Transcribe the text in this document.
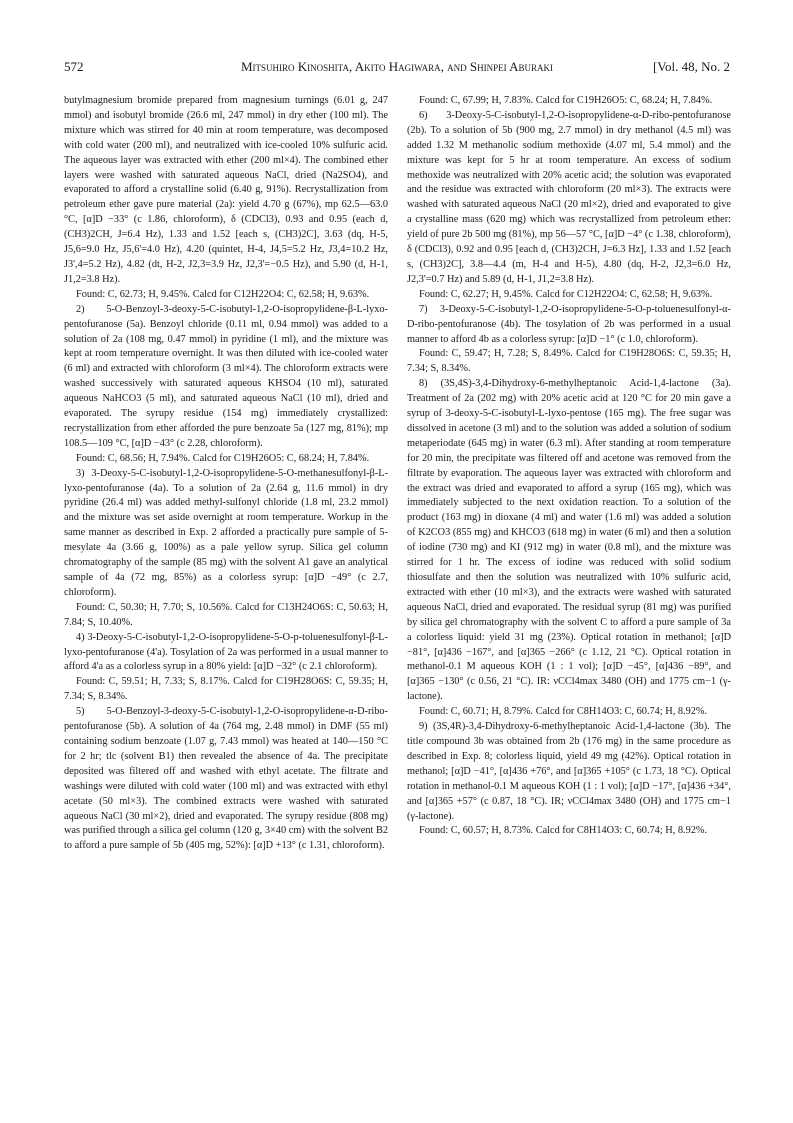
572	Mitsuhiro Kinoshita, Akito Hagiwara, and Shinpei Aburaki	[Vol. 48, No. 2

butylmagnesium bromide prepared from magnesium turnings (6.01 g, 247 mmol) and isobutyl bromide (26.6 ml, 247 mmol) in dry ether (100 ml). The mixture which was stirred for 40 min at room temperature, was decomposed with cold water (200 ml), and neutralized with ice-cooled 10% sulfuric acid. The aqueous layer was extracted with ether (200 ml×4). The combined ether layers were washed with saturated aqueous NaCl, dried (Na2SO4), and evaporated to afford a crystalline solid (6.40 g, 91%). Recrystallization from petroleum ether gave pure material (2a): yield 4.70 g (67%), mp 62.5—63.0 °C, [α]D −33° (c 1.86, chloroform), δ (CDCl3), 0.93 and 0.95 (each d, (CH3)2CH, J=6.4 Hz), 1.33 and 1.52 [each s, (CH3)2C], 3.63 (dq, H-5, J5,6=9.0 Hz, J5,6'=4.0 Hz), 4.20 (quintet, H-4, J4,5=5.2 Hz, J3,4=10.2 Hz, J3',4=5.2 Hz), 4.82 (dt, H-2, J2,3=3.9 Hz, J2,3'=−0.5 Hz), and 5.90 (d, H-1, J1,2=3.8 Hz).

Found: C, 62.73; H, 9.45%. Calcd for C12H22O4: C, 62.58; H, 9.63%.

2) 5-O-Benzoyl-3-deoxy-5-C-isobutyl-1,2-O-isopropylidene-β-L-lyxo-pentofuranose (5a). Benzoyl chloride (0.11 ml, 0.94 mmol) was added to a solution of 2a (108 mg, 0.47 mmol) in pyridine (1 ml), and the mixture was kept at room temperature overnight. It was then diluted with ice-cooled water (6 ml) and extracted with chloroform (3 ml×4). The chloroform extracts were washed successively with saturated aqueous KHSO4 (10 ml), saturated aqueous NaHCO3 (5 ml), and saturated aqueous NaCl (10 ml), dried and evaporated. The syrupy residue (154 mg) immediately crystallized: recrystallization from ether afforded the pure benzoate 5a (127 mg, 81%); mp 108.5—109 °C, [α]D −43° (c 2.28, chloroform).

Found: C, 68.56; H, 7.94%. Calcd for C19H26O5: C, 68.24; H, 7.84%.

3) 3-Deoxy-5-C-isobutyl-1,2-O-isopropylidene-5-O-methanesulfonyl-β-L-lyxo-pentofuranose (4a). To a solution of 2a (2.64 g, 11.6 mmol) in dry pyridine (26.4 ml) was added methyl-sulfonyl chloride (1.8 ml, 23.2 mmol) and the mixture was set aside overnight at room temperature. Workup in the same manner as described in Exp. 2 afforded a practically pure sample of 5-mesylate 4a (3.66 g, 100%) as a pale yellow syrup. Silica gel column chromatography of the sample (85 mg) with the solvent A1 gave an analytical sample of 4a (72 mg, 85%) as a colorless syrup: [α]D −49° (c 2.7, chloroform).

Found: C, 50.30; H, 7.70; S, 10.56%. Calcd for C13H24O6S: C, 50.63; H, 7.84; S, 10.40%.

4) 3-Deoxy-5-C-isobutyl-1,2-O-isopropylidene-5-O-p-toluenesulfonyl-β-L-lyxo-pentofuranose (4'a). Tosylation of 2a was performed in a usual manner to afford 4'a as a colorless syrup in a 80% yield: [α]D −32° (c 2.1 chloroform).

Found: C, 59.51; H, 7.33; S, 8.17%. Calcd for C19H28O6S: C, 59.35; H, 7.34; S, 8.34%.

5) 5-O-Benzoyl-3-deoxy-5-C-isobutyl-1,2-O-isopropylidene-α-D-ribo-pentofuranose (5b). A solution of 4a (764 mg, 2.48 mmol) in DMF (55 ml) containing sodium benzoate (1.07 g, 7.43 mmol) was heated at 140—150 °C for 2 hr; tlc (solvent B1) then revealed the absence of 4a. The precipitate deposited was filtered off and washed with ethyl acetate. The filtrate and washings were diluted with cold water (100 ml) and was extracted with ethyl acetate (50 ml×3). The combined extracts were washed with saturated aqueous NaCl (30 ml×2), dried and evaporated. The syrupy residue (808 mg) was purified through a silica gel column (120 g, 3×40 cm) with the solvent B2 to afford a pure sample of 5b (405 mg, 52%): [α]D +13° (c 1.31, chloroform).

Found: C, 67.99; H, 7.83%. Calcd for C19H26O5: C, 68.24; H, 7.84%.

6) 3-Deoxy-5-C-isobutyl-1,2-O-isopropylidene-α-D-ribo-pentofuranose (2b). To a solution of 5b (900 mg, 2.7 mmol) in dry methanol (4.5 ml) was added 1.32 M methanolic sodium methoxide (4.07 ml, 5.4 mmol) and the mixture was kept for 5 hr at room temperature. An excess of sodium methoxide was neutralized with 20% acetic acid; the solution was evaporated and the residue was extracted with chloroform (20 ml×3). The extracts were washed with saturated aqueous NaCl (20 ml×2), dried and evaporated to give a crystalline mass (620 mg) which was recrystallized from petroleum ether: yield of pure 2b 500 mg (81%), mp 56—57 °C, [α]D −4° (c 1.38, chloroform), δ (CDCl3), 0.92 and 0.95 [each d, (CH3)2CH, J=6.3 Hz], 1.33 and 1.52 [each s, (CH3)2C], 3.8—4.4 (m, H-4 and H-5), 4.80 (dq, H-2, J2,3=6.0 Hz, J2,3'=0.7 Hz) and 5.89 (d, H-1, J1,2=3.8 Hz).

Found: C, 62.27; H, 9.45%. Calcd for C12H22O4: C, 62.58; H, 9.63%.

7) 3-Deoxy-5-C-isobutyl-1,2-O-isopropylidene-5-O-p-toluenesulfonyl-α-D-ribo-pentofuranose (4b). The tosylation of 2b was performed in a usual manner to afford 4b as a colorless syrup: [α]D −1° (c 1.0, chloroform).

Found: C, 59.47; H, 7.28; S, 8.49%. Calcd for C19H28O6S: C, 59.35; H, 7.34; S, 8.34%.

8) (3S,4S)-3,4-Dihydroxy-6-methylheptanoic Acid-1,4-lactone (3a). Treatment of 2a (202 mg) with 20% acetic acid at 120 °C for 20 min gave a syrup of 3-deoxy-5-C-isobutyl-L-lyxo-pentose (165 mg). The free sugar was dissolved in acetone (3 ml) and to the solution was added a solution of sodium metaperiodate (645 mg) in water (6.3 ml). After standing at room temperature for 20 min, the precipitate was filtered off and acetone was removed from the filtrate by evaporation. The aqueous layer was extracted with chloroform and the extract was dried and evaporated to afford a syrup (165 mg), which was immediately subjected to the next oxidation reaction. To a solution of the product (163 mg) in dioxane (4 ml) and water (1.6 ml) was added a solution of K2CO3 (855 mg) and KHCO3 (618 mg) in water (6 ml) and then a solution of iodine (730 mg) and KI (912 mg) in water (0.8 ml), and the mixture was stirred for 1 hr. The excess of iodine was reduced with solid sodium thiosulfate and then the solution was neutralized with 10% sulfuric acid, extracted with ether (10 ml×3), and the extracts were washed with saturated aqueous NaCl, dried and evaporated. The residual syrup (81 mg) was purified by silica gel chromatography with the solvent C to afford a pure sample of 3a a colorless liquid: yield 31 mg (23%). Optical rotation in methanol; [α]D −81°, [α]436 −167°, and [α]365 −266° (c 1.12, 21 °C). Optical rotation in methanol-0.1 M aqueous KOH (1 : 1 vol); [α]D −45°, [α]436 −89°, and [α]365 −130° (c 0.56, 21 °C). IR: νCCl4max 3480 (OH) and 1775 cm−1 (γ-lactone).

Found: C, 60.71; H, 8.79%. Calcd for C8H14O3: C, 60.74; H, 8.92%.

9) (3S,4R)-3,4-Dihydroxy-6-methylheptanoic Acid-1,4-lactone (3b). The title compound 3b was obtained from 2b (176 mg) in the same procedure as described in Exp. 8; colorless liquid, yield 49 mg (42%). Optical rotation in methanol; [α]D −41°, [α]436 +76°, and [α]365 +105° (c 1.73, 18 °C). Optical rotation in methanol-0.1 M aqueous KOH (1 : 1 vol); [α]D −17°, [α]436 +34°, and [α]365 +57° (c 0.87, 18 °C). IR; νCCl4max 3480 (OH) and 1775 cm−1 (γ-lactone).

Found: C, 60.57; H, 8.73%. Calcd for C8H14O3: C, 60.74; H, 8.92%.
